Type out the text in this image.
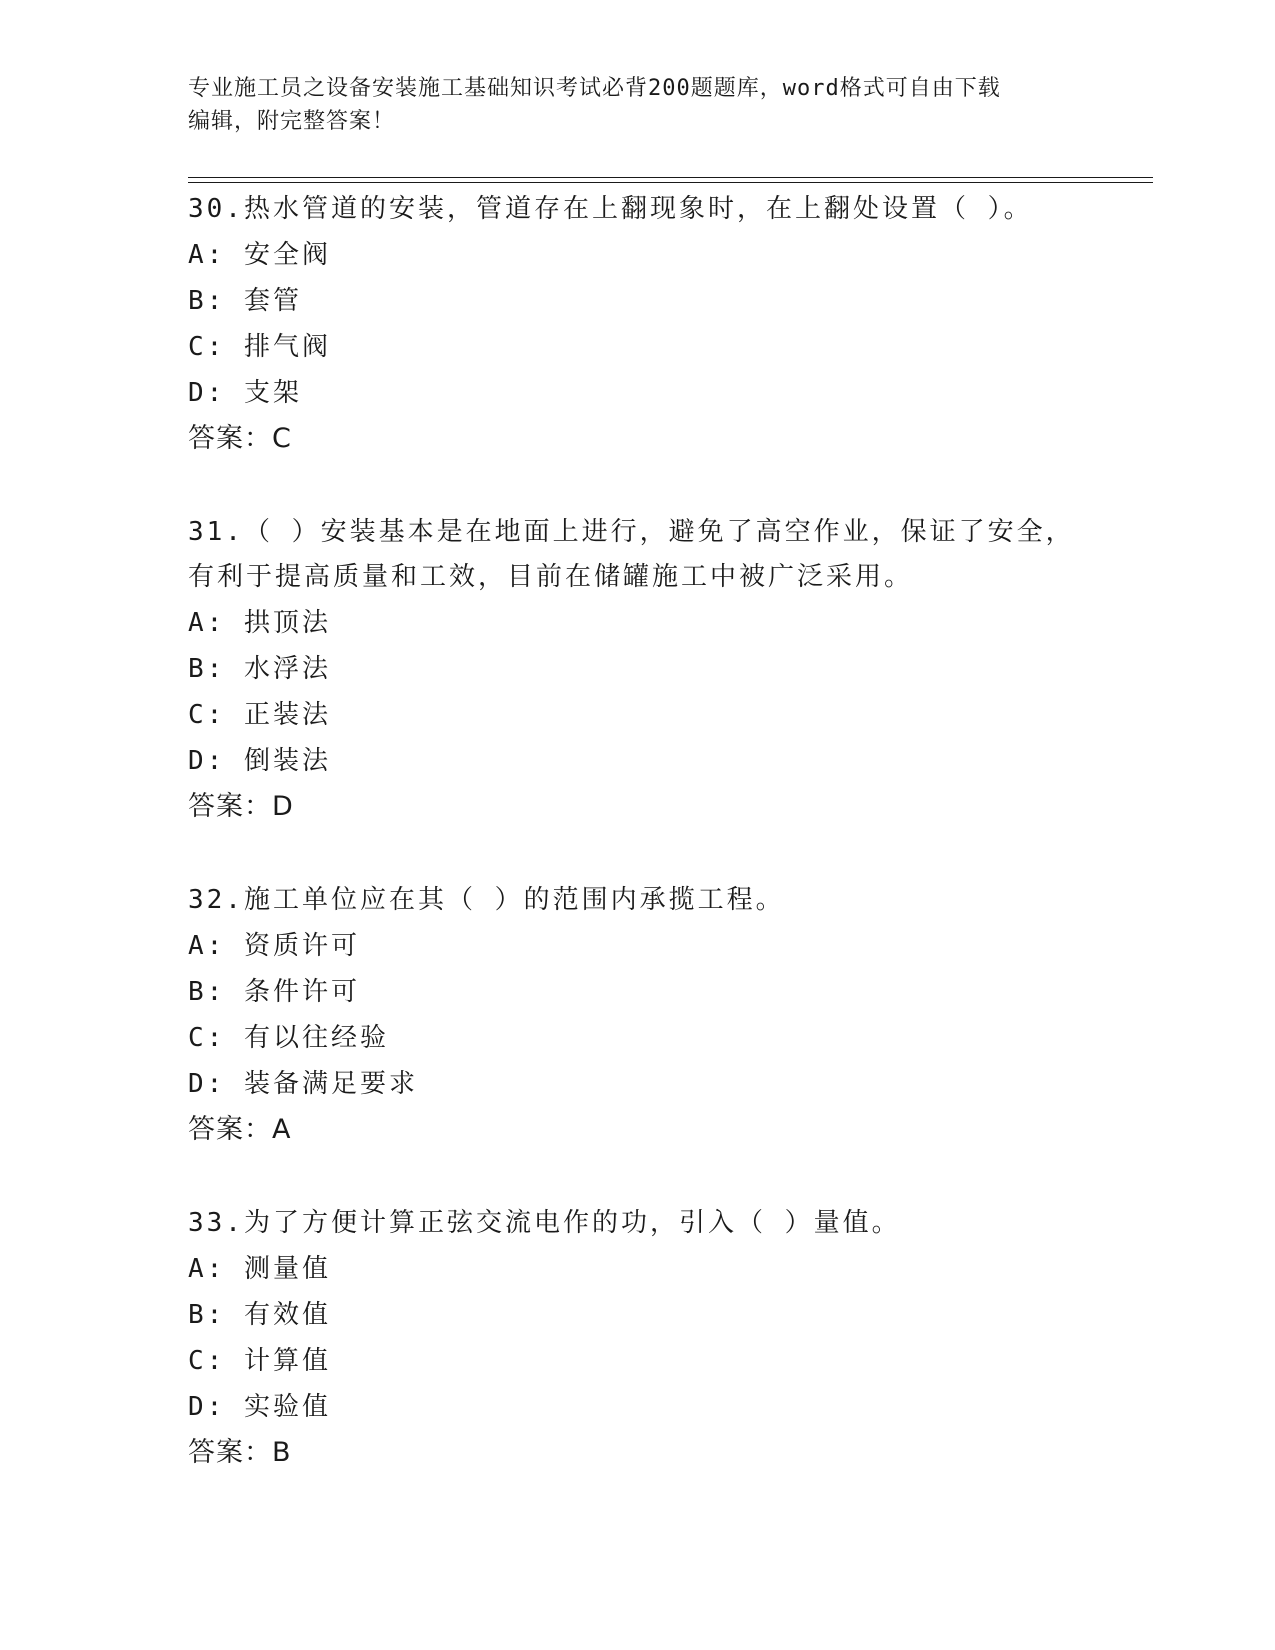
专业施工员之设备安装施工基础知识考试必背200题题库，word格式可自由下载
编辑，附完整答案！
30.热水管道的安装，管道存在上翻现象时，在上翻处设置（ ）。
A: 安全阀
B: 套管
C: 排气阀
D: 支架
答案：C
31.（ ）安装基本是在地面上进行，避免了高空作业，保证了安全，
有利于提高质量和工效，目前在储罐施工中被广泛采用。
A: 拱顶法
B: 水浮法
C: 正装法
D: 倒装法
答案：D
32.施工单位应在其（ ）的范围内承揽工程。
A: 资质许可
B: 条件许可
C: 有以往经验
D: 装备满足要求
答案：A
33.为了方便计算正弦交流电作的功，引入（ ）量值。
A: 测量值
B: 有效值
C: 计算值
D: 实验值
答案：B
